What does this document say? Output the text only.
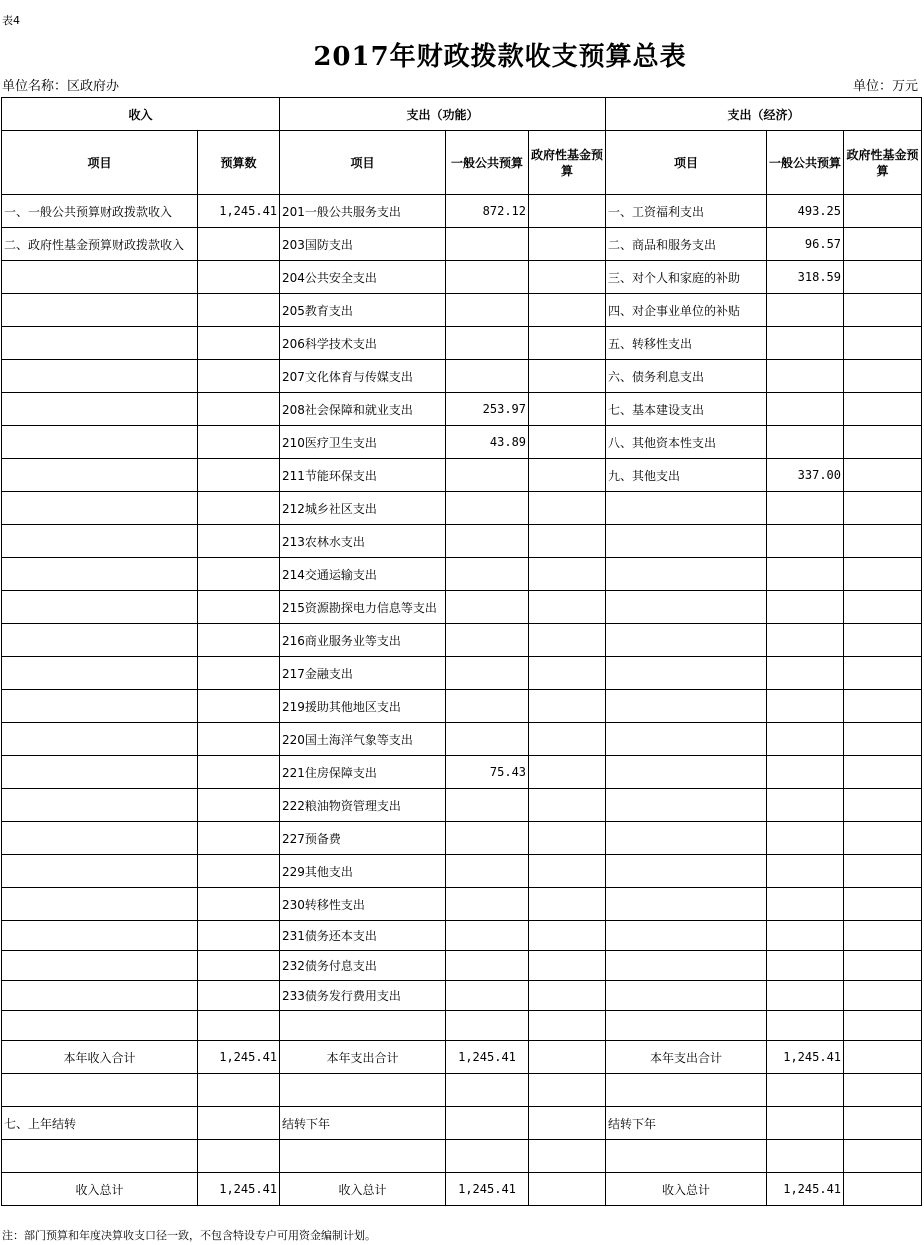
表4
2017年财政拨款收支预算总表
单位名称：区政府办	单位：万元
收入		支出（功能）			支出（经济）		
项目	预算数	项目	一般公共预算	政府性基金预算	项目	一般公共预算	政府性基金预算
一、一般公共预算财政拨款收入	1,245.41	201一般公共服务支出	872.12		一、工资福利支出	493.25	
二、政府性基金预算财政拨款收入		203国防支出			二、商品和服务支出	96.57	
		204公共安全支出			三、对个人和家庭的补助	318.59	
		205教育支出			四、对企事业单位的补贴		
		206科学技术支出			五、转移性支出		
		207文化体育与传媒支出			六、债务利息支出		
		208社会保障和就业支出	253.97		七、基本建设支出		
		210医疗卫生支出	43.89		八、其他资本性支出		
		211节能环保支出			九、其他支出	337.00	
		212城乡社区支出					
		213农林水支出					
		214交通运输支出					
		215资源勘探电力信息等支出					
		216商业服务业等支出					
		217金融支出					
		219援助其他地区支出					
		220国土海洋气象等支出					
		221住房保障支出	75.43				
		222粮油物资管理支出					
		227预备费					
		229其他支出					
		230转移性支出					
		231债务还本支出					
		232债务付息支出					
		233债务发行费用支出					

本年收入合计	1,245.41	本年支出合计	1,245.41		本年支出合计	1,245.41	

七、上年结转		结转下年			结转下年		

收入总计	1,245.41	收入总计	1,245.41		收入总计	1,245.41	
注：部门预算和年度决算收支口径一致，不包含特设专户可用资金编制计划。
